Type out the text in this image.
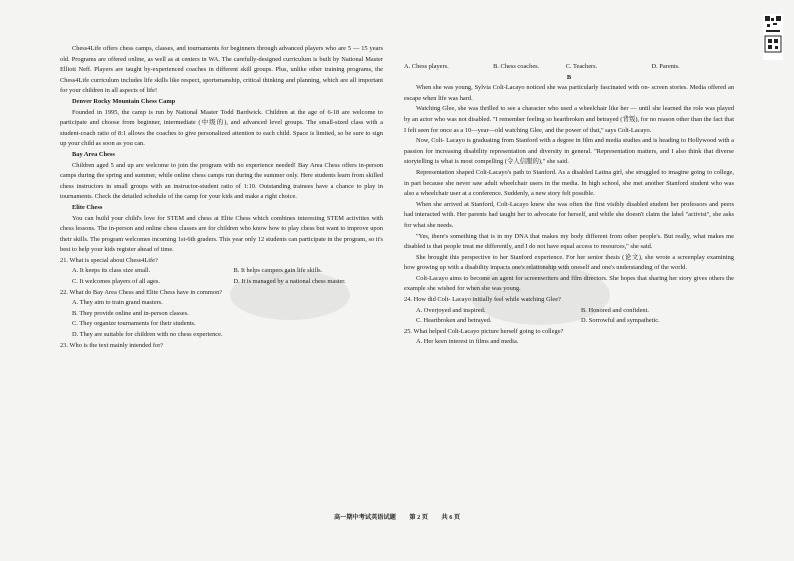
Chess4Life offers chess camps, classes, and tournaments for beginners through advanced players who are 5 — 15 years old. Programs are offered online, as well as at centers in WA. The carefully-designed curriculum is built by National Master Elliott Neff. Players are taught by-experienced coaches in different skill groups. Plus, unlike other training programs, the Chess4Life curriculum includes life skills like respect, sportsmanship, critical thinking and planning, which are all important for your children in all aspects of life!

Denver Rocky Mountain Chess Camp

Founded in 1995, the camp is run by National Master Todd Bardwick. Children at the age of 6-18 are welcome to participate and choose from beginner, intermediate (中级的), and advanced level groups. The small-sized class with a student-coach ratio of 8:1 allows the coaches to give personalized attention to each child. Space is limited, so be sure to sign up your child as soon as you can.

Bay Area Chess

Children aged 5 and up are welcome to join the program with no experience needed! Bay Area Chess offers in-person camps during the spring and summer, while online chess camps run during the summer only. Here students learn from skilled chess instructors in small groups with an instructor-student ratio of 1:10. Outstanding trainees have a chance to play in tournaments. Check the detailed schedule of the camp for your kids and make a right choice.

Elite Chess

You can build your child's love for STEM and chess at Elite Chess which combines interesting STEM activities with chess lessons. The in-person and online chess classes are for children who know how to play chess but want to improve upon their skills. The program welcomes incoming 1st-6th graders. This year only 12 students can participate in the program, so it's best to help your kids register ahead of time.

21. What is special about Chess4Life?
A. It keeps its class size small.	B. It helps campers gain life skills.
C. It welcomes players of all ages.	D. It is managed by a national chess master.
22. What do Bay Area Chess and Elite Chess have in common?
A. They aim to train grand masters.
B. They provide online and in-person classes.
C. They organize tournaments for their students.
D. They are suitable for children with no chess experience.
23. Who is the text mainly intended for?
A. Chess players.	B. Chess coaches.	C. Teachers.	D. Parents.
B

When she was young, Sylvia Colt-Lacayo noticed she was particularly fascinated with on- screen stories. Media offered an escape when life was hard.

Watching Glee, she was thrilled to see a character who used a wheelchair like her — until she learned the role was played by an actor who was not disabled. "I remember feeling so heartbroken and betrayed (背叛), for no reason other than the fact that I felt seen for once as a 10—year—old watching Glee, and the power of that," says Colt-Lacayo.

Now, Colt- Lacayo is graduating from Stanford with a degree in film and media studies and is heading to Hollywood with a passion for increasing disability representation and diversity in general. "Representation matters, and I also think that diverse storytelling is what is most compelling (令人信服的)," she said.

Representation shaped Colt-Lacayo's path to Stanford. As a disabled Latina girl, she struggled to imagine going to college, in part because she never saw adult wheelchair users in the media. In high school, she met another Stanford student who was also a wheelchair user at a conference. Suddenly, a new story felt possible.

When she arrived at Stanford, Colt-Lacayo knew she was often the first visibly disabled student her professors and peers had interacted with. Her parents had taught her to advocate for herself, and while she doesn't claim the label "activist", she asks for what she needs.

"Yes, there's something that is in my DNA that makes my body different from other people's. But really, what makes me disabled is that people treat me differently, and I do not have equal access to resources," she said.

She brought this perspective to her Stanford experience. For her senior thesis (论文), she wrote a screenplay examining how growing up with a disability impacts one's relationship with oneself and one's understanding of the world.

Colt-Lacayo aims to become an agent for screenwriters and film directors. She hopes that sharing her story gives others the example she wished for when she was young.

24. How did Colt- Lacayo initially feel while watching Glee?
A. Overjoyed and inspired.	B. Honored and confident.
C. Heartbroken and betrayed.	D. Sorrowful and sympathetic.
25. What helped Colt-Lacayo picture herself going to college?
A. Her keen interest in films and media.
高一期中考试英语试题 第 2 页 共 6 页
